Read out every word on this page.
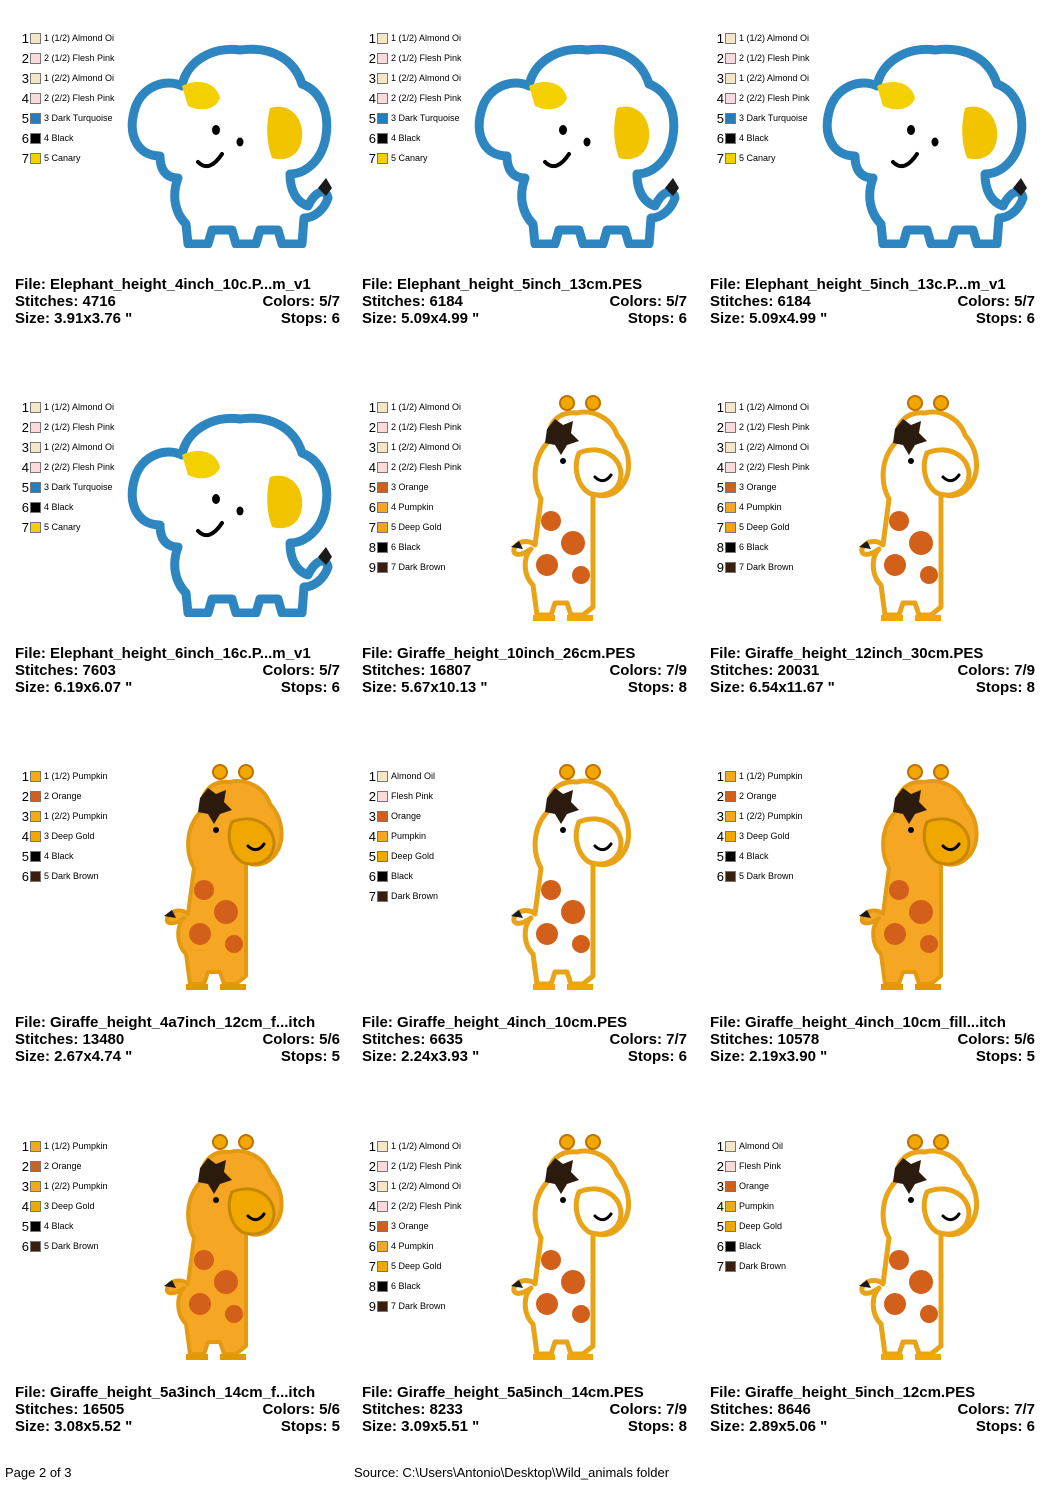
1 1 (1/2) Almond Oi
2 2 (1/2) Flesh Pink
3 1 (2/2) Almond Oi
4 2 (2/2) Flesh Pink
5 3 Dark Turquoise
6 4 Black
7 5 Canary
File: Elephant_height_4inch_10c.P...m_v1
Stitches: 4716	Colors: 5/7
Size: 3.91x3.76 "	Stops: 6
1 1 (1/2) Almond Oi
2 2 (1/2) Flesh Pink
3 1 (2/2) Almond Oi
4 2 (2/2) Flesh Pink
5 3 Dark Turquoise
6 4 Black
7 5 Canary
File: Elephant_height_5inch_13cm.PES
Stitches: 6184	Colors: 5/7
Size: 5.09x4.99 "	Stops: 6
1 1 (1/2) Almond Oi
2 2 (1/2) Flesh Pink
3 1 (2/2) Almond Oi
4 2 (2/2) Flesh Pink
5 3 Dark Turquoise
6 4 Black
7 5 Canary
File: Elephant_height_5inch_13c.P...m_v1
Stitches: 6184	Colors: 5/7
Size: 5.09x4.99 "	Stops: 6
1 1 (1/2) Almond Oi
2 2 (1/2) Flesh Pink
3 1 (2/2) Almond Oi
4 2 (2/2) Flesh Pink
5 3 Dark Turquoise
6 4 Black
7 5 Canary
File: Elephant_height_6inch_16c.P...m_v1
Stitches: 7603	Colors: 5/7
Size: 6.19x6.07 "	Stops: 6
1 1 (1/2) Almond Oi
2 2 (1/2) Flesh Pink
3 1 (2/2) Almond Oi
4 2 (2/2) Flesh Pink
5 3 Orange
6 4 Pumpkin
7 5 Deep Gold
8 6 Black
9 7 Dark Brown
File: Giraffe_height_10inch_26cm.PES
Stitches: 16807	Colors: 7/9
Size: 5.67x10.13 "	Stops: 8
1 1 (1/2) Almond Oi
2 2 (1/2) Flesh Pink
3 1 (2/2) Almond Oi
4 2 (2/2) Flesh Pink
5 3 Orange
6 4 Pumpkin
7 5 Deep Gold
8 6 Black
9 7 Dark Brown
File: Giraffe_height_12inch_30cm.PES
Stitches: 20031	Colors: 7/9
Size: 6.54x11.67 "	Stops: 8
1 1 (1/2) Pumpkin
2 2 Orange
3 1 (2/2) Pumpkin
4 3 Deep Gold
5 4 Black
6 5 Dark Brown
File: Giraffe_height_4a7inch_12cm_f...itch
Stitches: 13480	Colors: 5/6
Size: 2.67x4.74 "	Stops: 5
1 Almond Oil
2 Flesh Pink
3 Orange
4 Pumpkin
5 Deep Gold
6 Black
7 Dark Brown
File: Giraffe_height_4inch_10cm.PES
Stitches: 6635	Colors: 7/7
Size: 2.24x3.93 "	Stops: 6
1 1 (1/2) Pumpkin
2 2 Orange
3 1 (2/2) Pumpkin
4 3 Deep Gold
5 4 Black
6 5 Dark Brown
File: Giraffe_height_4inch_10cm_fill...itch
Stitches: 10578	Colors: 5/6
Size: 2.19x3.90 "	Stops: 5
1 1 (1/2) Pumpkin
2 2 Orange
3 1 (2/2) Pumpkin
4 3 Deep Gold
5 4 Black
6 5 Dark Brown
File: Giraffe_height_5a3inch_14cm_f...itch
Stitches: 16505	Colors: 5/6
Size: 3.08x5.52 "	Stops: 5
1 1 (1/2) Almond Oi
2 2 (1/2) Flesh Pink
3 1 (2/2) Almond Oi
4 2 (2/2) Flesh Pink
5 3 Orange
6 4 Pumpkin
7 5 Deep Gold
8 6 Black
9 7 Dark Brown
File: Giraffe_height_5a5inch_14cm.PES
Stitches: 8233	Colors: 7/9
Size: 3.09x5.51 "	Stops: 8
1 Almond Oil
2 Flesh Pink
3 Orange
4 Pumpkin
5 Deep Gold
6 Black
7 Dark Brown
File: Giraffe_height_5inch_12cm.PES
Stitches: 8646	Colors: 7/7
Size: 2.89x5.06 "	Stops: 6
Page 2 of 3	Source: C:\Users\Antonio\Desktop\Wild_animals folder
